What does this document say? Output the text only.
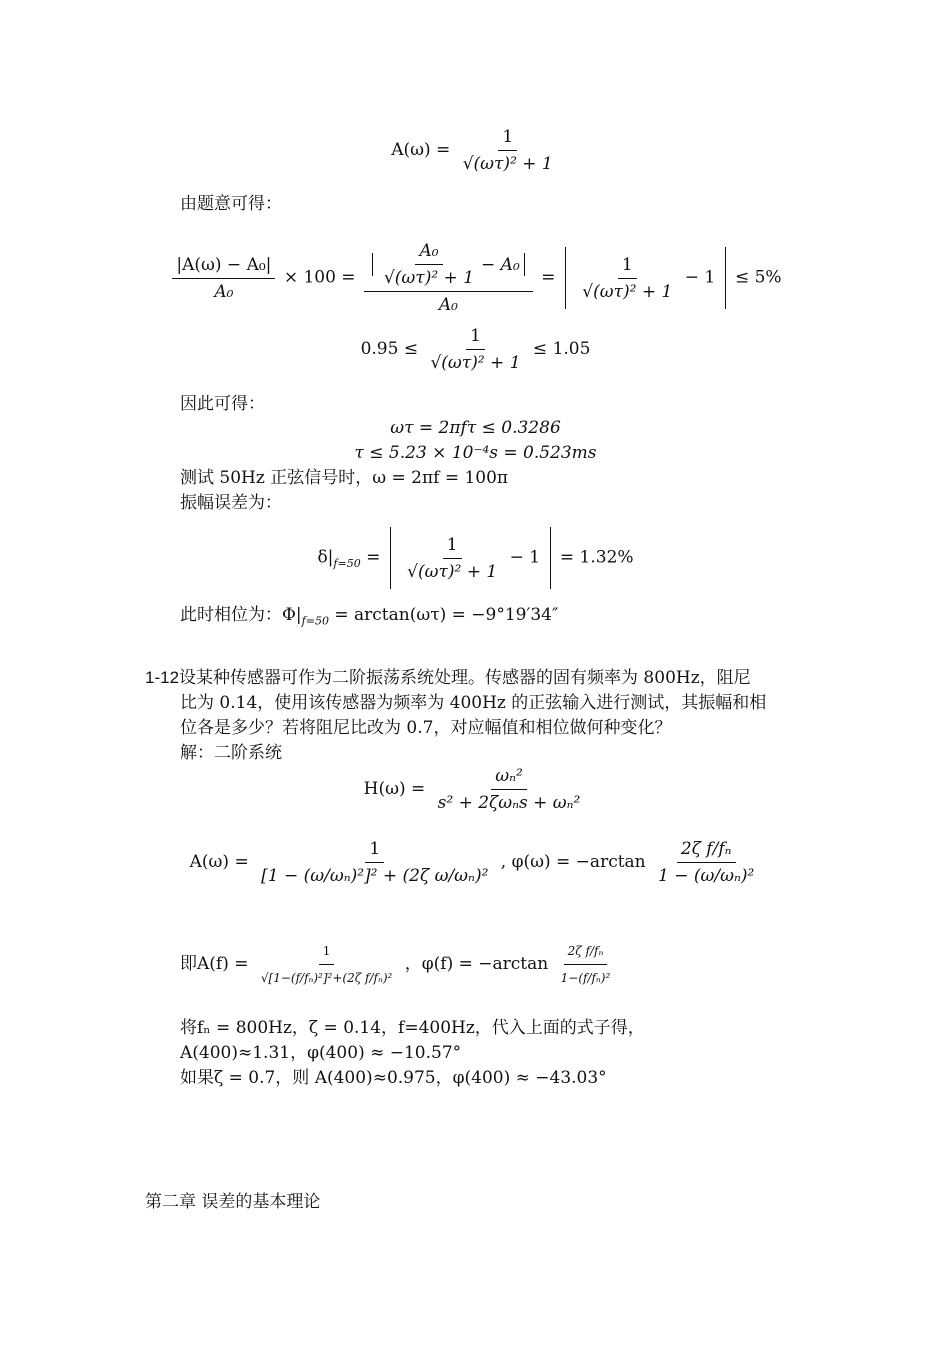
$A(\omega) = \frac{1}{\text{√(ωτ)² + 1}}$
由题意可得：
$\frac{\text{|A(ω) − A₀|}}{\text{A₀}} \times 100 = \frac{\frac{\text{A₀}}{\text{√(ωτ)² + 1}} - A_0}{\text{A₀}} = \frac{1}{\text{√(ωτ)² + 1}} - 1 \le 5\%$
$0.95 \le \frac{1}{\text{√(ωτ)² + 1}} \le 1.05$
因此可得：
ωτ = 2πfτ ≤ 0.3286
τ ≤ 5.23 × 10⁻⁴s = 0.523ms
测试 50Hz 正弦信号时，ω = 2πf = 100π
振幅误差为：
$\delta|_{f=50} = \frac{1}{\text{√(ωτ)² + 1}} - 1 = 1.32\%$
此时相位为：$\Phi|_{f=50} = \arctan(\omega\tau) = -9^\circ 19'34''$
1-12设某种传感器可作为二阶振荡系统处理。传感器的固有频率为 800Hz，阻尼
比为 0.14，使用该传感器为频率为 400Hz 的正弦输入进行测试，其振幅和相
位各是多少？若将阻尼比改为 0.7，对应幅值和相位做何种变化？
解：二阶系统
$H(\omega) = \frac{\text{ωₙ²}}{\text{s² + 2ζωₙs + ωₙ²}}$
$A(\omega) = \frac{1}{\text{[1 − (ω/ωₙ)²]² + (2ζ ω/ωₙ)²}}$ , $\varphi(\omega) = -\arctan \frac{\text{2ζ f/fₙ}}{\text{1 − (ω/ωₙ)²}}$
即$A(f) = \frac{1}{\text{√[1−(f/fₙ)²]²+(2ζ f/fₙ)²}}$ ，$\varphi(f) = -\arctan \frac{\text{2ζ f/fₙ}}{\text{1−(f/fₙ)²}}$
将fₙ = 800Hz，ζ = 0.14，f=400Hz，代入上面的式子得，
A(400)≈1.31，φ(400) ≈ −10.57°
如果ζ = 0.7，则 A(400)≈0.975，φ(400) ≈ −43.03°
第二章 误差的基本理论
